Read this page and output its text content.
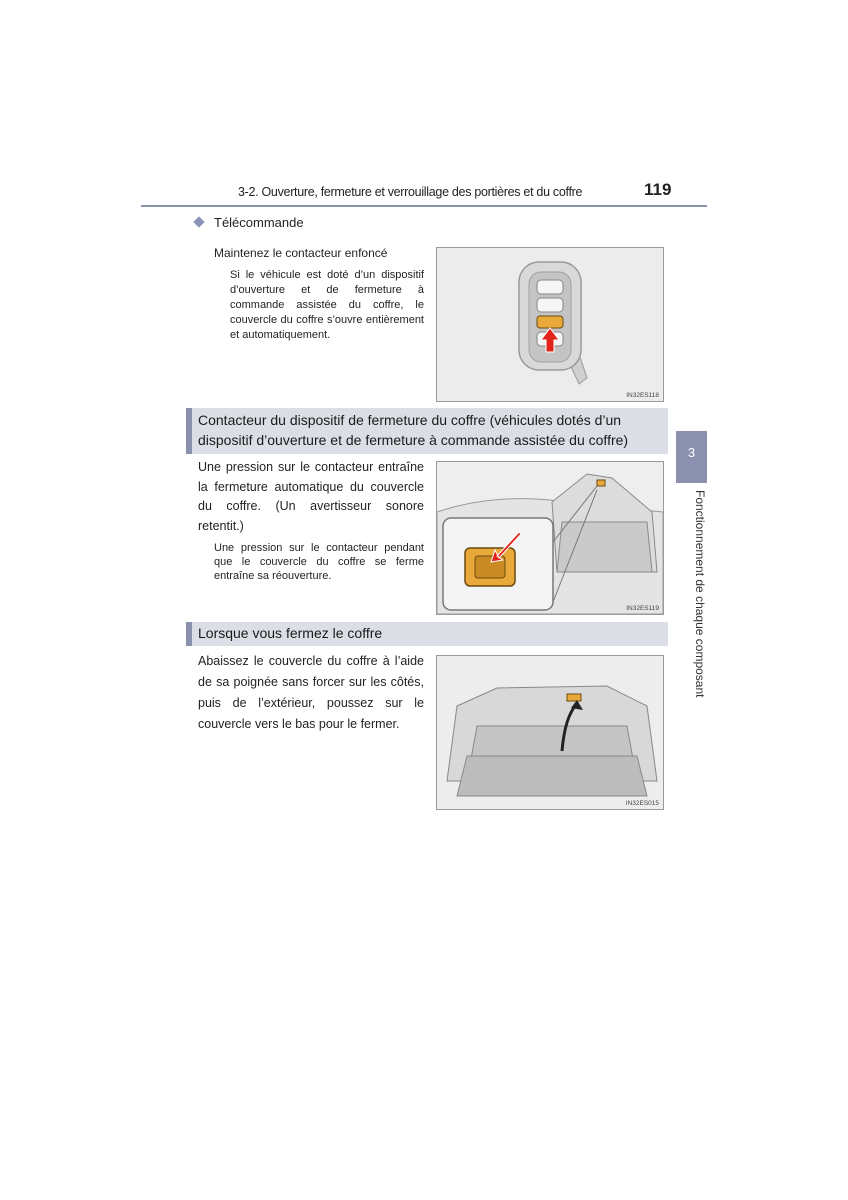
3-2. Ouverture, fermeture et verrouillage des portières et du coffre	119
Télécommande
Maintenez le contacteur enfoncé
Si le véhicule est doté d’un dispositif d’ouverture et de fermeture à commande assistée du coffre, le couvercle du coffre s’ouvre entièrement et automatiquement.
IN32ES118
Contacteur du dispositif de fermeture du coffre (véhicules dotés d’un
dispositif d’ouverture et de fermeture à commande assistée du coffre)
Une pression sur le contacteur entraîne la fermeture automatique du couvercle du coffre. (Un avertisseur sonore retentit.)
Une pression sur le contacteur pendant que le couvercle du coffre se ferme entraîne sa réouverture.
IN32ES119
Lorsque vous fermez le coffre
Abaissez le couvercle du coffre à l’aide de sa poignée sans forcer sur les côtés, puis de l’extérieur, poussez sur le couvercle vers le bas pour le fermer.
IN32ES015
3
Fonctionnement de chaque composant
